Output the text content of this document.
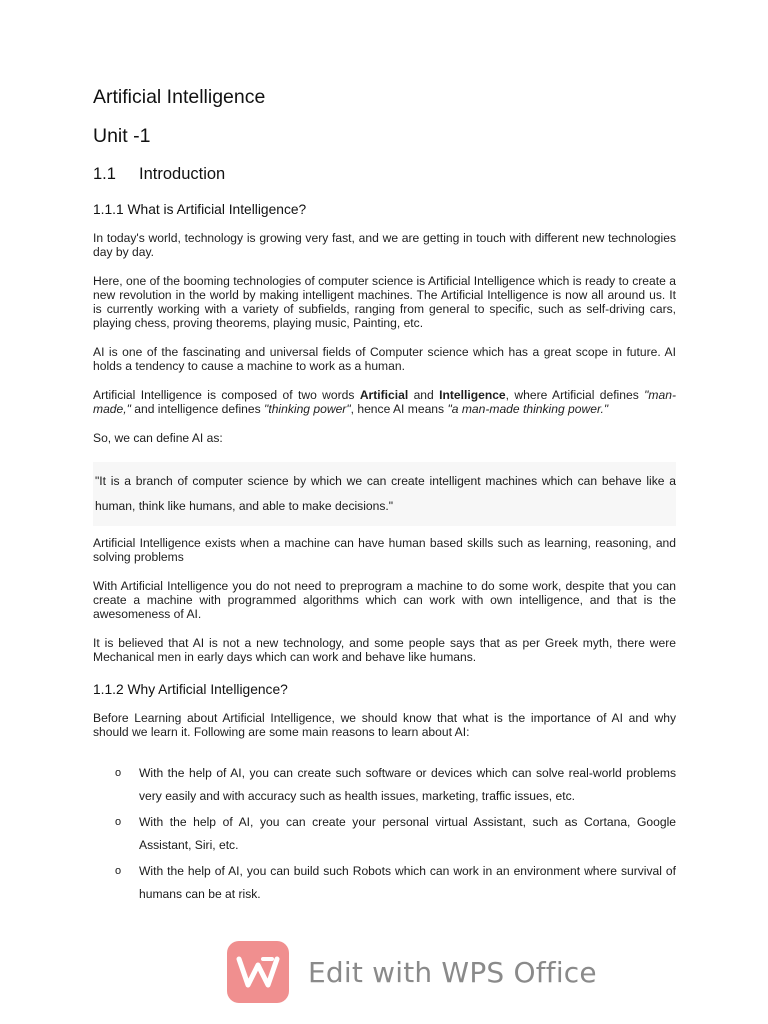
Artificial Intelligence
Unit -1
1.1	Introduction
1.1.1 What is Artificial Intelligence?

In today's world, technology is growing very fast, and we are getting in touch with different new technologies day by day.

Here, one of the booming technologies of computer science is Artificial Intelligence which is ready to create a new revolution in the world by making intelligent machines. The Artificial Intelligence is now all around us. It is currently working with a variety of subfields, ranging from general to specific, such as self-driving cars, playing chess, proving theorems, playing music, Painting, etc.

AI is one of the fascinating and universal fields of Computer science which has a great scope in future. AI holds a tendency to cause a machine to work as a human.

Artificial Intelligence is composed of two words Artificial and Intelligence, where Artificial defines "man-made," and intelligence defines "thinking power", hence AI means "a man-made thinking power."

So, we can define AI as:

"It is a branch of computer science by which we can create intelligent machines which can behave like a human, think like humans, and able to make decisions."

Artificial Intelligence exists when a machine can have human based skills such as learning, reasoning, and solving problems

With Artificial Intelligence you do not need to preprogram a machine to do some work, despite that you can create a machine with programmed algorithms which can work with own intelligence, and that is the awesomeness of AI.

It is believed that AI is not a new technology, and some people says that as per Greek myth, there were Mechanical men in early days which can work and behave like humans.

1.1.2 Why Artificial Intelligence?

Before Learning about Artificial Intelligence, we should know that what is the importance of AI and why should we learn it. Following are some main reasons to learn about AI:

o With the help of AI, you can create such software or devices which can solve real-world problems very easily and with accuracy such as health issues, marketing, traffic issues, etc.
o With the help of AI, you can create your personal virtual Assistant, such as Cortana, Google Assistant, Siri, etc.
o With the help of AI, you can build such Robots which can work in an environment where survival of humans can be at risk.
Edit with WPS Office
